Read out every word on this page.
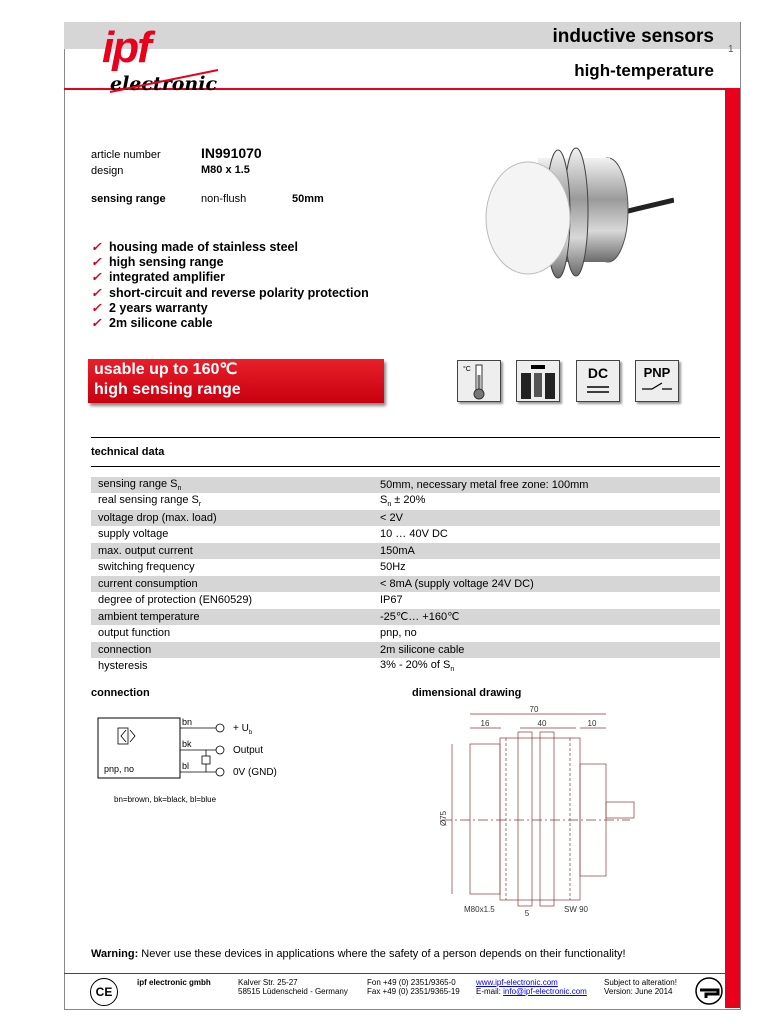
ipf
electronic
inductive sensors
high-temperature
1
article number	IN991070
design	M80 x 1.5
sensing range	non-flush	50mm
✓ housing made of stainless steel
✓ high sensing range
✓ integrated amplifier
✓ short-circuit and reverse polarity protection
✓ 2 years warranty
✓ 2m silicone cable
usable up to 160℃
high sensing range
°C	DC	PNP
technical data
sensing range $S_n$	50mm, necessary metal free zone: 100mm
real sensing range $S_r$	$S_n \pm 20\%$
voltage drop (max. load)	< 2V
supply voltage	10 … 40V DC
max. output current	150mA
switching frequency	50Hz
current consumption	< 8mA (supply voltage 24V DC)
degree of protection (EN60529)	IP67
ambient temperature	-25℃… +160℃
output function	pnp, no
connection	2m silicone cable
hysteresis	3% - 20% of $S_n$
connection
pnp, no
bn
bk
bl
+ $U_b$
Output
0V (GND)
bn=brown, bk=black, bl=blue
dimensional drawing
70
16	40	10
Ø75
M80x1.5	5	SW 90
Warning: Never use these devices in applications where the safety of a person depends on their functionality!
CE
ipf electronic gmbh	Kalver Str. 25-27
58515 Lüdenscheid - Germany
Fon +49 (0) 2351/9365-0
Fax +49 (0) 2351/9365-19
www.ipf-electronic.com
E-mail: info@ipf-electronic.com
Subject to alteration!
Version: June 2014
